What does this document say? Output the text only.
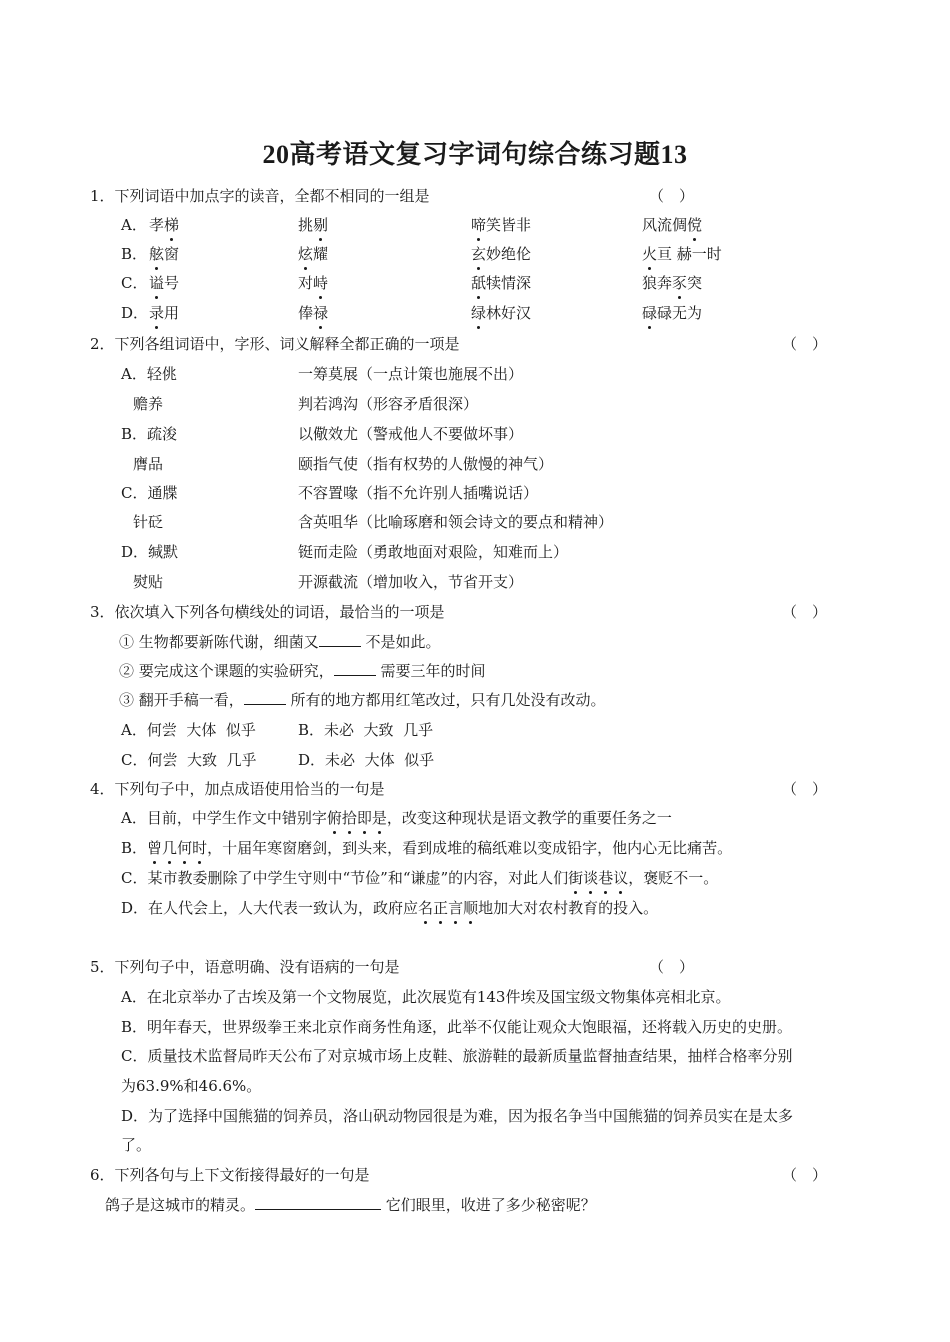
20高考语文复习字词句综合练习题13
1．下列词语中加点字的读音，全都不相同的一组是	（　）
A． 孝梯	挑剔	啼笑皆非	风流倜傥
B． 舷窗	炫耀	玄妙绝伦	火亘 赫一时
C． 谥号	对峙	舐犊情深	狼奔豕突
D． 录用	俸禄	绿林好汉	碌碌无为
2．下列各组词语中，字形、词义解释全都正确的一项是	（　）
A．轻佻	一筹莫展（一点计策也施展不出）
赡养	判若鸿沟（形容矛盾很深）
B．疏浚	以儆效尤（警戒他人不要做坏事）
膺品	颐指气使（指有权势的人傲慢的神气）
C．通牒	不容置喙（指不允许别人插嘴说话）
针砭	含英咀华（比喻琢磨和领会诗文的要点和精神）
D．缄默	铤而走险（勇敢地面对艰险，知难而上）
熨贴	开源截流（增加收入，节省开支）
3．依次填入下列各句横线处的词语，最恰当的一项是	（　）
① 生物都要新陈代谢，细菌又	不是如此。
② 要完成这个课题的实验研究，	需要三年的时间
③ 翻开手稿一看，	所有的地方都用红笔改过，只有几处没有改动。
A．何尝  大体  似乎	B．未必  大致  几乎
C．何尝  大致  几乎	D．未必  大体  似乎
4．下列句子中，加点成语使用恰当的一句是	（　）
A．目前，中学生作文中错别字俯拾即是，改变这种现状是语文教学的重要任务之一
B．曾几何时，十届年寒窗磨剑，到头来，看到成堆的稿纸难以变成铅字，他内心无比痛苦。
C．某市教委删除了中学生守则中“节俭”和“谦虚”的内容，对此人们街谈巷议，褒贬不一。
D．在人代会上，人大代表一致认为，政府应名正言顺地加大对农村教育的投入。
5．下列句子中，语意明确、没有语病的一句是	（　）
A．在北京举办了古埃及第一个文物展览，此次展览有143件埃及国宝级文物集体亮相北京。
B．明年春天，世界级拳王来北京作商务性角逐，此举不仅能让观众大饱眼福，还将载入历史的史册。
C．质量技术监督局昨天公布了对京城市场上皮鞋、旅游鞋的最新质量监督抽查结果，抽样合格率分别
为63.9%和46.6%。
D．为了选择中国熊猫的饲养员，洛山矾动物园很是为难，因为报名争当中国熊猫的饲养员实在是太多
了。
6．下列各句与上下文衔接得最好的一句是	（　）
鸽子是这城市的精灵。	它们眼里，收进了多少秘密呢？
